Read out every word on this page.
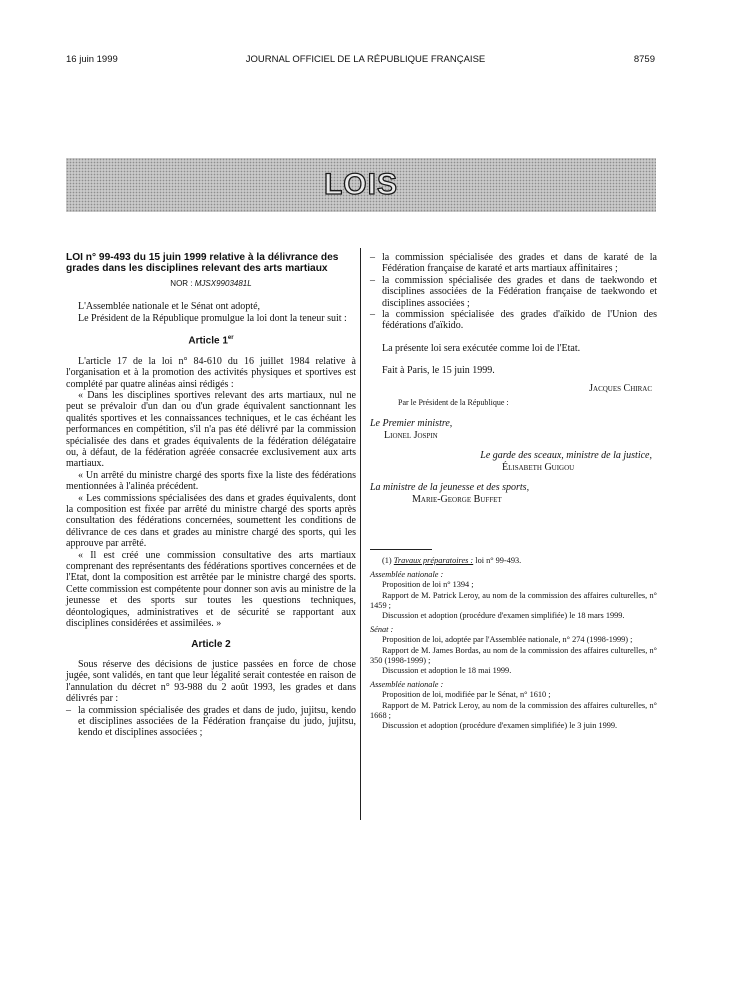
16 juin 1999	JOURNAL OFFICIEL DE LA RÉPUBLIQUE FRANÇAISE	8759
LOIS
LOI n° 99-493 du 15 juin 1999 relative à la délivrance des grades dans les disciplines relevant des arts martiaux
NOR : MJSX9903481L

L'Assemblée nationale et le Sénat ont adopté,

Le Président de la République promulgue la loi dont la teneur suit :

Article 1er

L'article 17 de la loi n° 84-610 du 16 juillet 1984 relative à l'organisation et à la promotion des activités physiques et sportives est complété par quatre alinéas ainsi rédigés :

« Dans les disciplines sportives relevant des arts martiaux, nul ne peut se prévaloir d'un dan ou d'un grade équivalent sanctionnant les qualités sportives et les connaissances techniques, et le cas échéant les performances en compétition, s'il n'a pas été délivré par la commission spécialisée des dans et grades équivalents de la fédération délégataire ou, à défaut, de la fédération agréée consacrée exclusivement aux arts martiaux.

« Un arrêté du ministre chargé des sports fixe la liste des fédérations mentionnées à l'alinéa précédent.

« Les commissions spécialisées des dans et grades équivalents, dont la composition est fixée par arrêté du ministre chargé des sports après consultation des fédérations concernées, soumettent les conditions de délivrance de ces dans et grades au ministre chargé des sports, qui les approuve par arrêté.

« Il est créé une commission consultative des arts martiaux comprenant des représentants des fédérations sportives concernées et de l'Etat, dont la composition est arrêtée par le ministre chargé des sports. Cette commission est compétente pour donner son avis au ministre de la jeunesse et des sports sur toutes les questions techniques, déontologiques, administratives et de sécurité se rapportant aux disciplines considérées et assimilées. »

Article 2

Sous réserve des décisions de justice passées en force de chose jugée, sont validés, en tant que leur légalité serait contestée en raison de l'annulation du décret n° 93-988 du 2 août 1993, les grades et dans délivrés par :

– la commission spécialisée des grades et dans de judo, jujitsu, kendo et disciplines associées de la Fédération française du judo, jujitsu, kendo et disciplines associées ;
– la commission spécialisée des grades et dans de karaté de la Fédération française de karaté et arts martiaux affinitaires ;
– la commission spécialisée des grades et dans de taekwondo et disciplines associées de la Fédération française de taekwondo et disciplines associées ;
– la commission spécialisée des grades d'aïkido de l'Union des fédérations d'aïkido.

La présente loi sera exécutée comme loi de l'Etat.

Fait à Paris, le 15 juin 1999.

Jacques Chirac

Par le Président de la République :

Le Premier ministre,

Lionel Jospin

Le garde des sceaux, ministre de la justice,

Élisabeth Guigou

La ministre de la jeunesse et des sports,

Marie-George Buffet

(1) Travaux préparatoires : loi n° 99-493.

Assemblée nationale :

Proposition de loi n° 1394 ;

Rapport de M. Patrick Leroy, au nom de la commission des affaires culturelles, n° 1459 ;

Discussion et adoption (procédure d'examen simplifiée) le 18 mars 1999.

Sénat :

Proposition de loi, adoptée par l'Assemblée nationale, n° 274 (1998-1999) ;

Rapport de M. James Bordas, au nom de la commission des affaires culturelles, n° 350 (1998-1999) ;

Discussion et adoption le 18 mai 1999.

Assemblée nationale :

Proposition de loi, modifiée par le Sénat, n° 1610 ;

Rapport de M. Patrick Leroy, au nom de la commission des affaires culturelles, n° 1668 ;

Discussion et adoption (procédure d'examen simplifiée) le 3 juin 1999.
